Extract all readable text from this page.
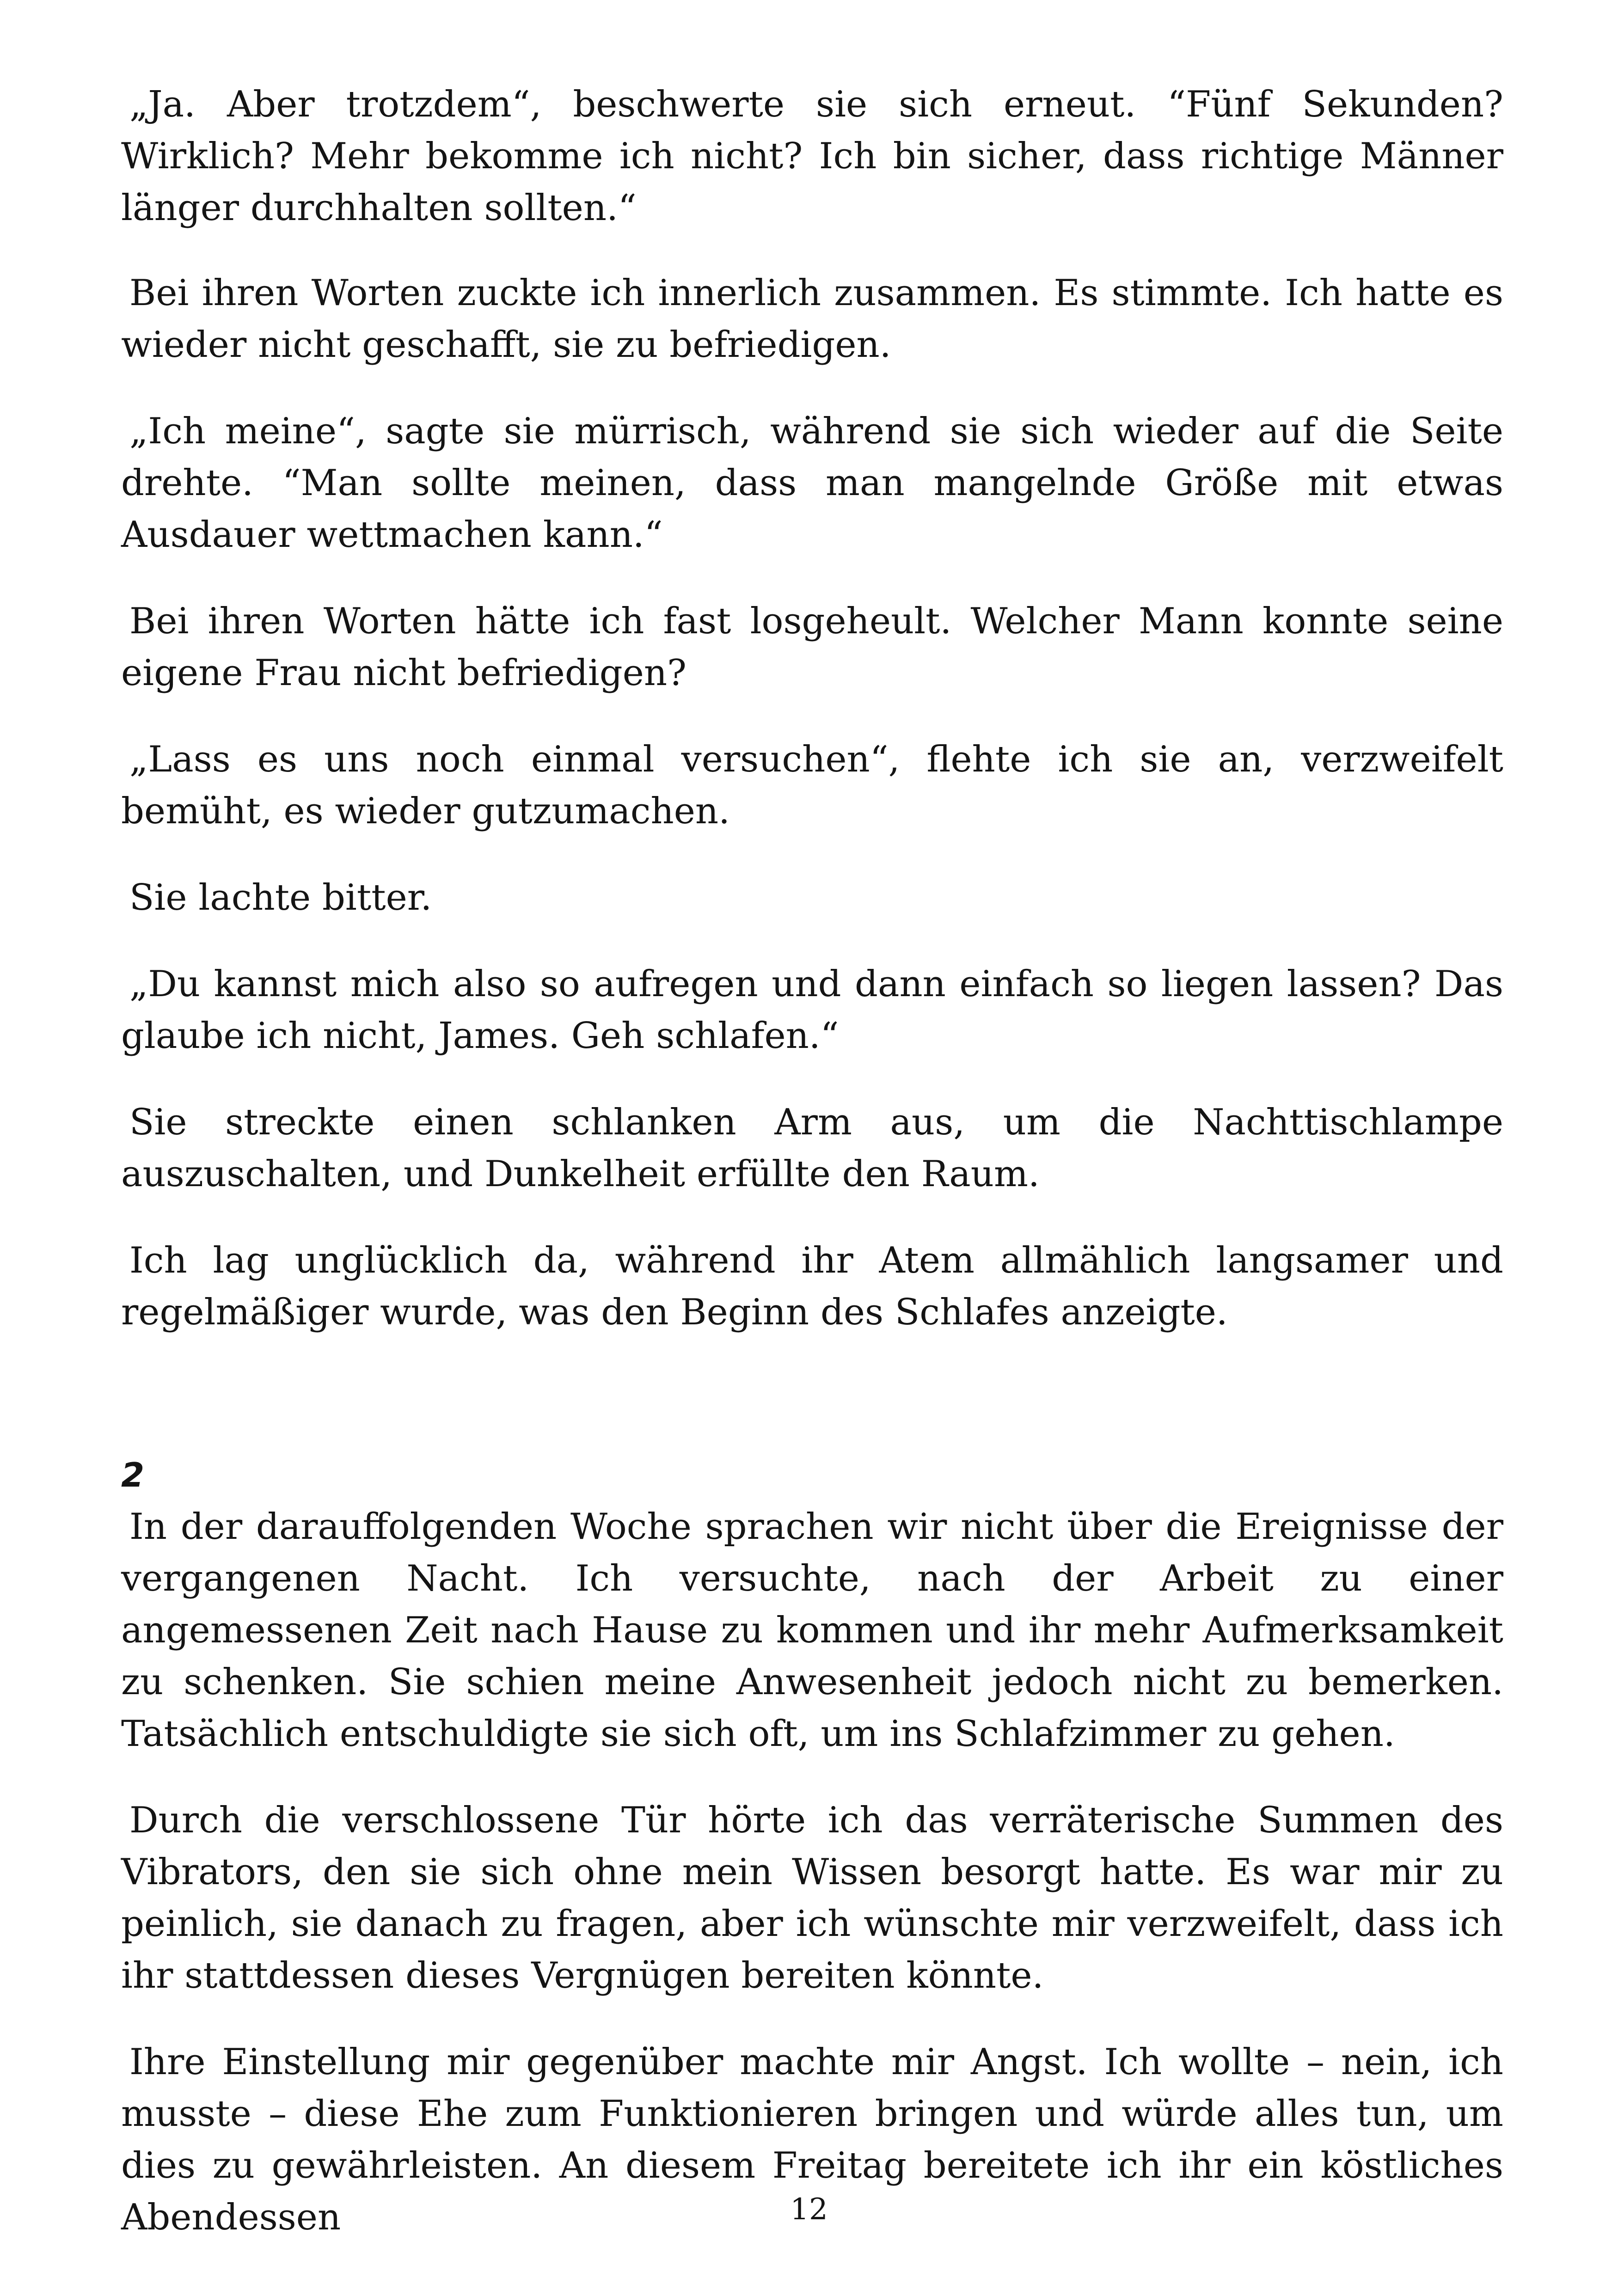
„Ja. Aber trotzdem“, beschwerte sie sich erneut. “Fünf Sekunden? Wirklich? Mehr bekomme ich nicht? Ich bin sicher, dass richtige Männer länger durchhalten sollten.“

Bei ihren Worten zuckte ich innerlich zusammen. Es stimmte. Ich hatte es wieder nicht geschafft, sie zu befriedigen.

„Ich meine“, sagte sie mürrisch, während sie sich wieder auf die Seite drehte. “Man sollte meinen, dass man mangelnde Größe mit etwas Ausdauer wettmachen kann.“

Bei ihren Worten hätte ich fast losgeheult. Welcher Mann konnte seine eigene Frau nicht befriedigen?

„Lass es uns noch einmal versuchen“, flehte ich sie an, verzweifelt bemüht, es wieder gutzumachen.

Sie lachte bitter.

„Du kannst mich also so aufregen und dann einfach so liegen lassen? Das glaube ich nicht, James. Geh schlafen.“

Sie streckte einen schlanken Arm aus, um die Nachttischlampe auszuschalten, und Dunkelheit erfüllte den Raum.

Ich lag unglücklich da, während ihr Atem allmählich langsamer und regelmäßiger wurde, was den Beginn des Schlafes anzeigte.

2

In der darauffolgenden Woche sprachen wir nicht über die Ereignisse der vergangenen Nacht. Ich versuchte, nach der Arbeit zu einer angemessenen Zeit nach Hause zu kommen und ihr mehr Aufmerksamkeit zu schenken. Sie schien meine Anwesenheit jedoch nicht zu bemerken. Tatsächlich entschuldigte sie sich oft, um ins Schlafzimmer zu gehen.

Durch die verschlossene Tür hörte ich das verräterische Summen des Vibrators, den sie sich ohne mein Wissen besorgt hatte. Es war mir zu peinlich, sie danach zu fragen, aber ich wünschte mir verzweifelt, dass ich ihr stattdessen dieses Vergnügen bereiten könnte.

Ihre Einstellung mir gegenüber machte mir Angst. Ich wollte – nein, ich musste – diese Ehe zum Funktionieren bringen und würde alles tun, um dies zu gewährleisten. An diesem Freitag bereitete ich ihr ein köstliches Abendessen	12
